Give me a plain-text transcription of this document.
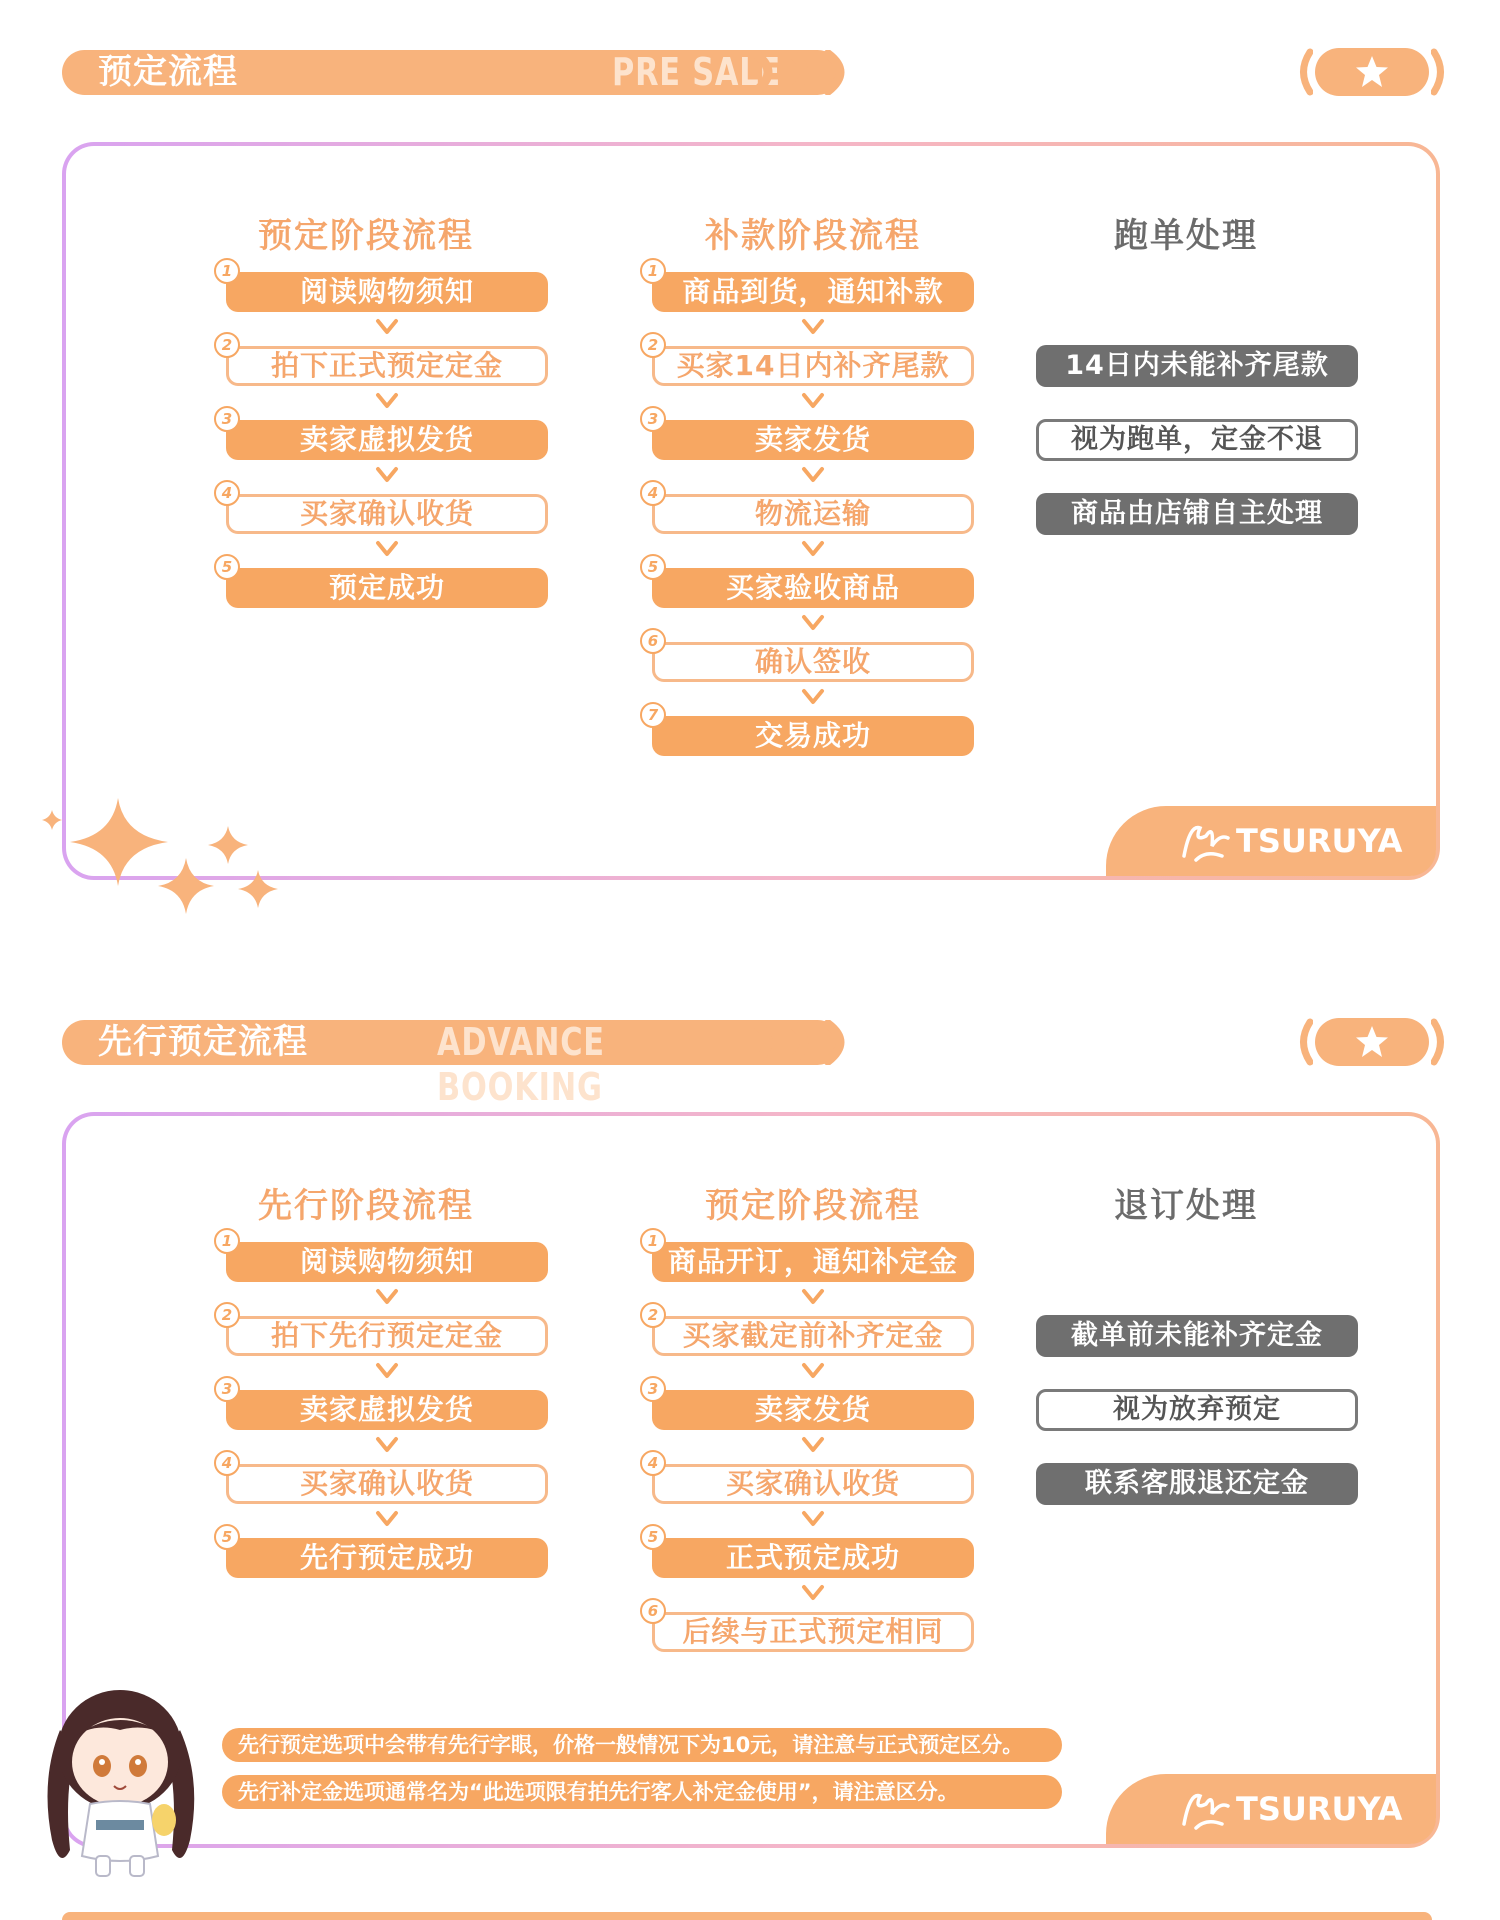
预定流程	PRE SALE
预定阶段流程	补款阶段流程	跑单处理
阅读购物须知
1
拍下正式预定定金
2
卖家虚拟发货
3
买家确认收货
4
预定成功
5
商品到货，通知补款
1
买家14日内补齐尾款
2
卖家发货
3
物流运输
4
买家验收商品
5
确认签收
6
交易成功
7
14日内未能补齐尾款
视为跑单，定金不退
商品由店铺自主处理
TSURUYA
先行预定流程	ADVANCE BOOKING
先行阶段流程	预定阶段流程	退订处理
阅读购物须知
1
拍下先行预定定金
2
卖家虚拟发货
3
买家确认收货
4
先行预定成功
5
商品开订，通知补定金
1
买家截定前补齐定金
2
卖家发货
3
买家确认收货
4
正式预定成功
5
后续与正式预定相同
6
截单前未能补齐定金
视为放弃预定
联系客服退还定金
TSURUYA
先行预定选项中会带有先行字眼，价格一般情况下为10元，请注意与正式预定区分。
先行补定金选项通常名为“此选项限有拍先行客人补定金使用”，请注意区分。
